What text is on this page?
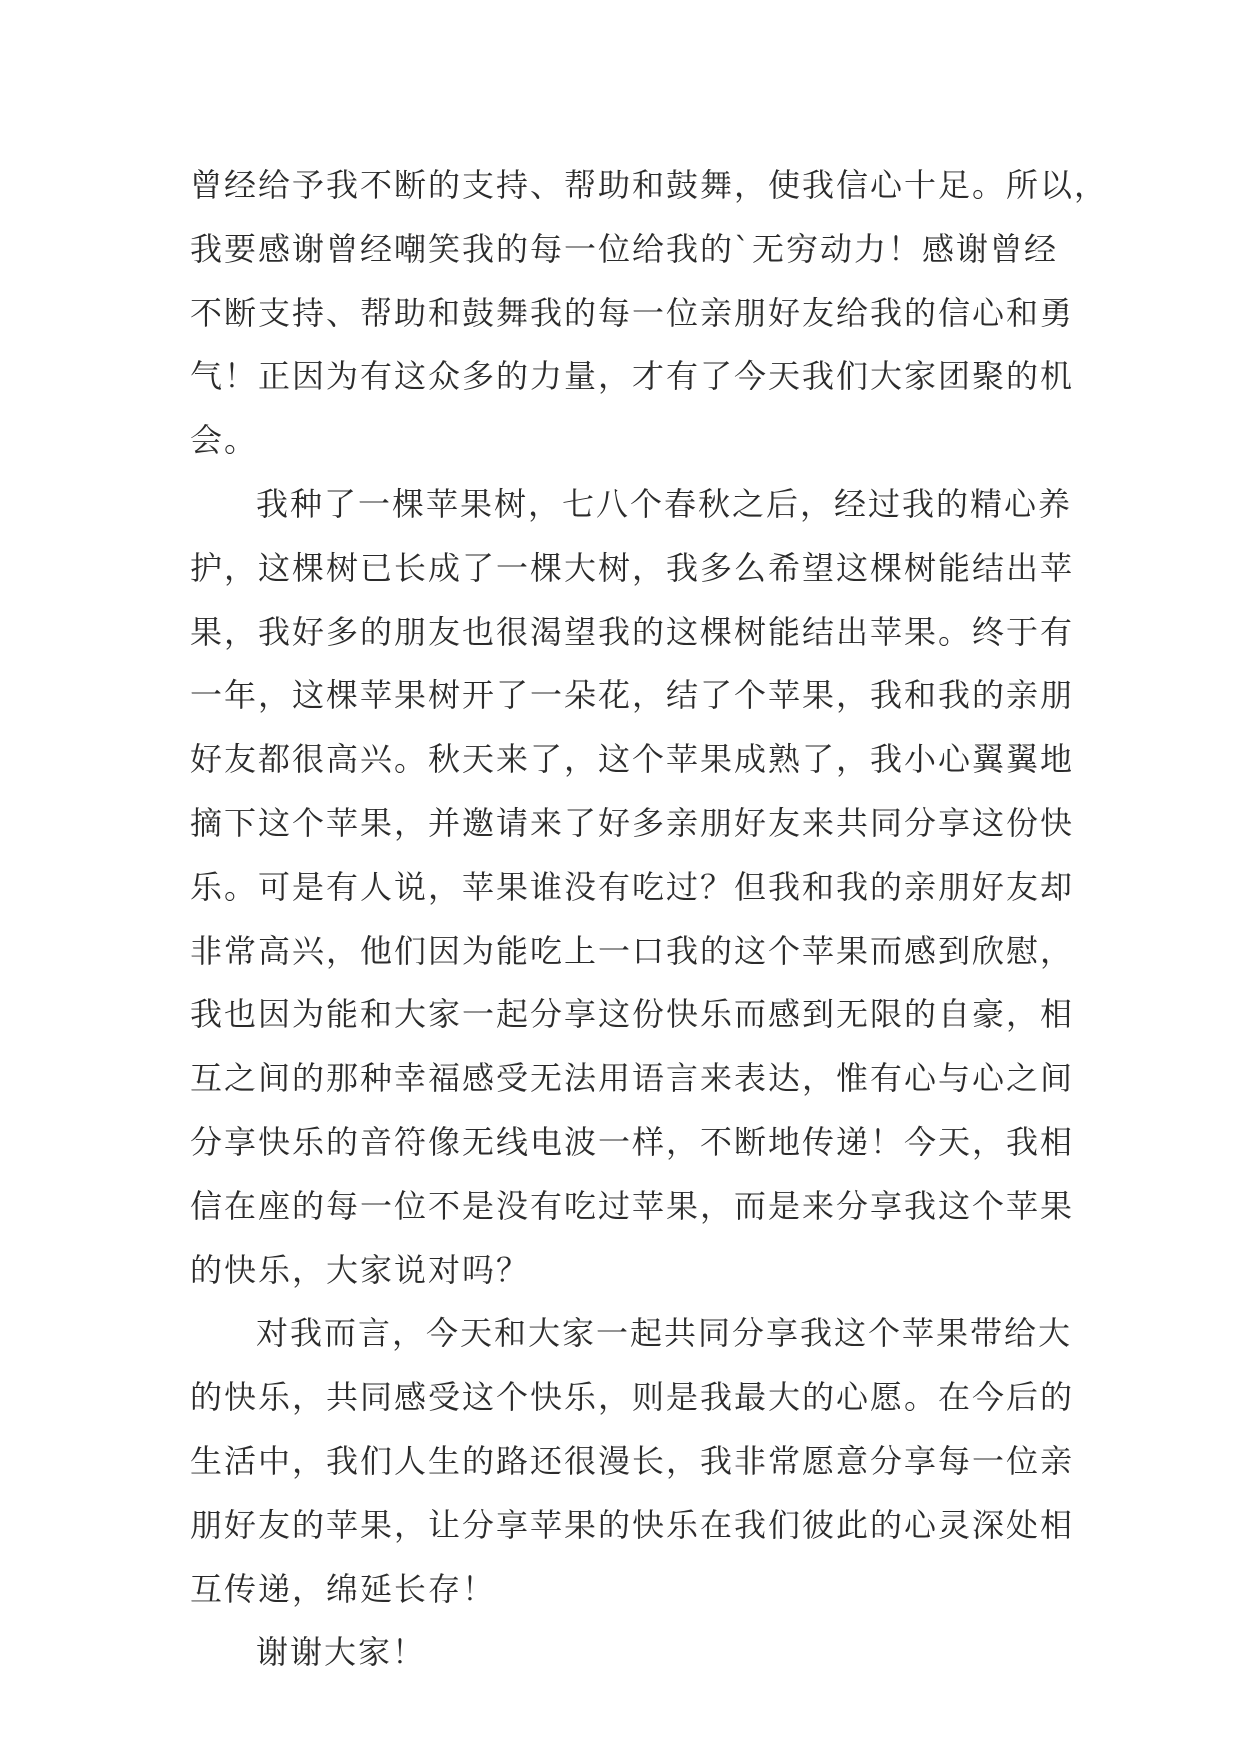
曾经给予我不断的支持、帮助和鼓舞，使我信心十足。所以，
我要感谢曾经嘲笑我的每一位给我的`无穷动力！感谢曾经
不断支持、帮助和鼓舞我的每一位亲朋好友给我的信心和勇
气！正因为有这众多的力量，才有了今天我们大家团聚的机
会。
我种了一棵苹果树，七八个春秋之后，经过我的精心养
护，这棵树已长成了一棵大树，我多么希望这棵树能结出苹
果，我好多的朋友也很渴望我的这棵树能结出苹果。终于有
一年，这棵苹果树开了一朵花，结了个苹果，我和我的亲朋
好友都很高兴。秋天来了，这个苹果成熟了，我小心翼翼地
摘下这个苹果，并邀请来了好多亲朋好友来共同分享这份快
乐。可是有人说，苹果谁没有吃过？但我和我的亲朋好友却
非常高兴，他们因为能吃上一口我的这个苹果而感到欣慰，
我也因为能和大家一起分享这份快乐而感到无限的自豪，相
互之间的那种幸福感受无法用语言来表达，惟有心与心之间
分享快乐的音符像无线电波一样，不断地传递！今天，我相
信在座的每一位不是没有吃过苹果，而是来分享我这个苹果
的快乐，大家说对吗？
对我而言，今天和大家一起共同分享我这个苹果带给大
的快乐，共同感受这个快乐，则是我最大的心愿。在今后的
生活中，我们人生的路还很漫长，我非常愿意分享每一位亲
朋好友的苹果，让分享苹果的快乐在我们彼此的心灵深处相
互传递，绵延长存！
谢谢大家！
